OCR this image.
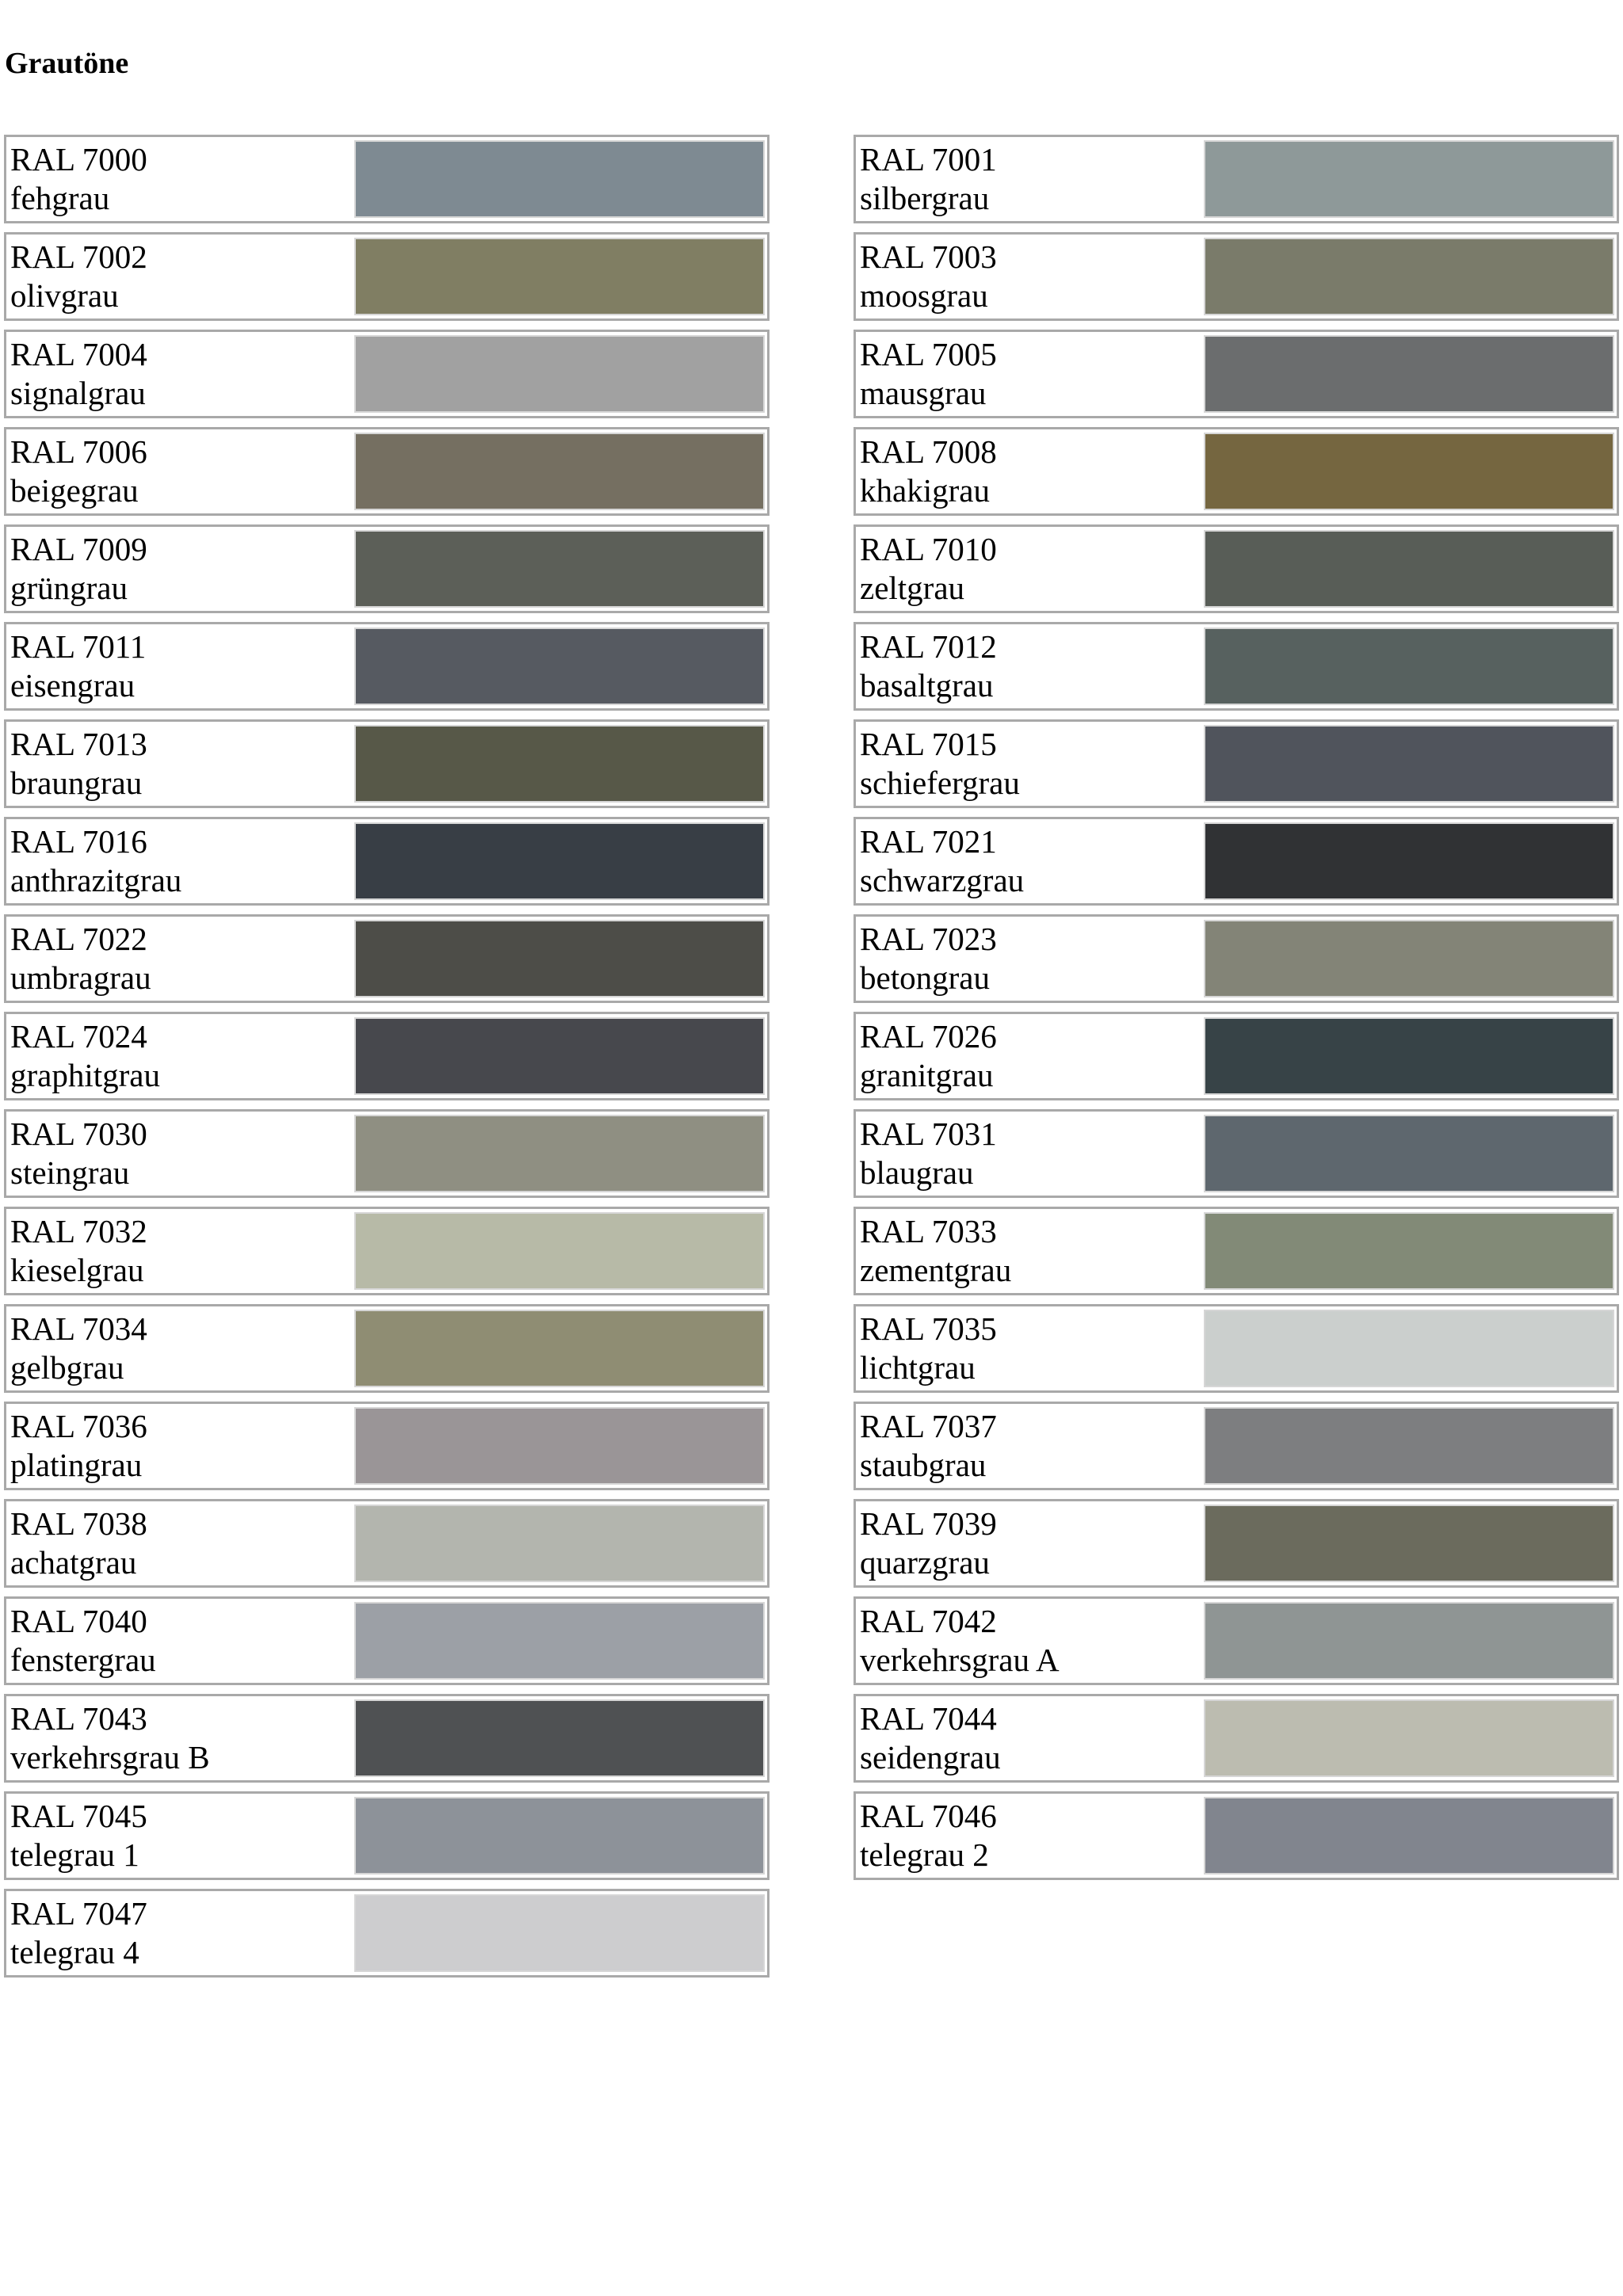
Grautöne
RAL 7000
fehgrau
RAL 7002
olivgrau
RAL 7004
signalgrau
RAL 7006
beigegrau
RAL 7009
grüngrau
RAL 7011
eisengrau
RAL 7013
braungrau
RAL 7016
anthrazitgrau
RAL 7022
umbragrau
RAL 7024
graphitgrau
RAL 7030
steingrau
RAL 7032
kieselgrau
RAL 7034
gelbgrau
RAL 7036
platingrau
RAL 7038
achatgrau
RAL 7040
fenstergrau
RAL 7043
verkehrsgrau B
RAL 7045
telegrau 1
RAL 7047
telegrau 4
RAL 7001
silbergrau
RAL 7003
moosgrau
RAL 7005
mausgrau
RAL 7008
khakigrau
RAL 7010
zeltgrau
RAL 7012
basaltgrau
RAL 7015
schiefergrau
RAL 7021
schwarzgrau
RAL 7023
betongrau
RAL 7026
granitgrau
RAL 7031
blaugrau
RAL 7033
zementgrau
RAL 7035
lichtgrau
RAL 7037
staubgrau
RAL 7039
quarzgrau
RAL 7042
verkehrsgrau A
RAL 7044
seidengrau
RAL 7046
telegrau 2
